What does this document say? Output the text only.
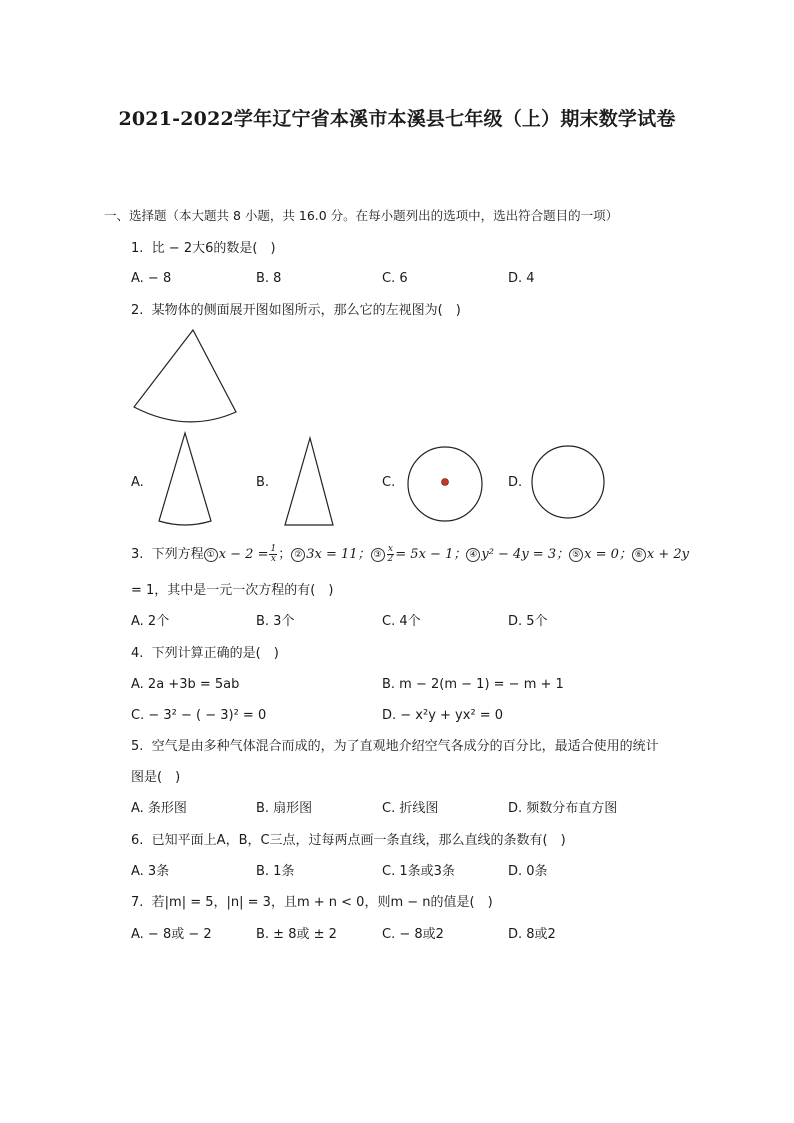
2021-2022学年辽宁省本溪市本溪县七年级（上）期末数学试卷
一、选择题（本大题共 8 小题，共 16.0 分。在每小题列出的选项中，选出符合题目的一项）
1. 比 − 2大6的数是(　)
A. − 8	B. 8	C. 6	D. 4
2. 某物体的侧面展开图如图所示，那么它的左视图为(　)
A.	B.	C.	D.
3. 下列方程 ① $x - 2 = \frac{1}{x}$ ； ② 3x = 11； ③ $\frac{x}{2} = 5x - 1$； ④ y² − 4y = 3； ⑤ x = 0； ⑥ x + 2y
= 1，其中是一元一次方程的有(　)
A. 2个	B. 3个	C. 4个	D. 5个
4. 下列计算正确的是(　)
A. 2a +3b = 5ab	B. m − 2(m − 1) = − m + 1
C. − 3² − ( − 3)² = 0	D. − x²y + yx² = 0
5. 空气是由多种气体混合而成的，为了直观地介绍空气各成分的百分比，最适合使用的统计
图是(　)
A. 条形图	B. 扇形图	C. 折线图	D. 频数分布直方图
6. 已知平面上A，B，C三点，过每两点画一条直线，那么直线的条数有(　)
A. 3条	B. 1条	C. 1条或3条	D. 0条
7. 若|m| = 5，|n| = 3，且m + n < 0，则m − n的值是(　)
A. − 8或 − 2	B. ± 8或 ± 2	C. − 8或2	D. 8或2
